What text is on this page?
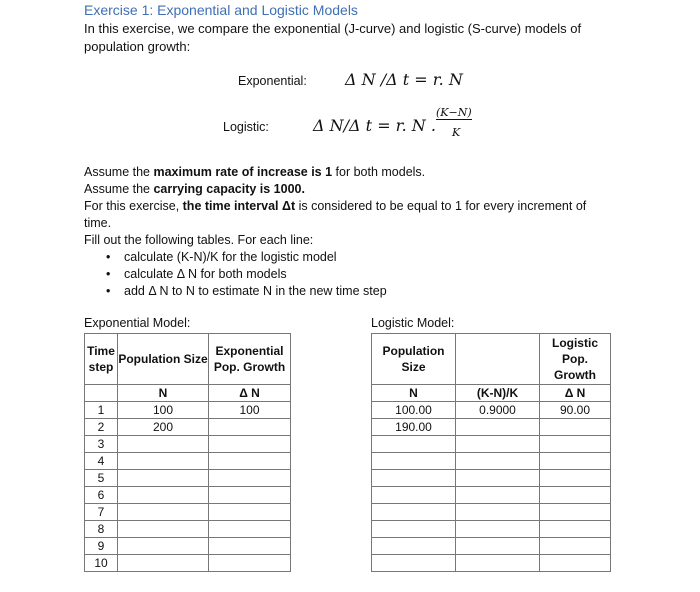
Exercise 1: Exponential and Logistic Models
In this exercise, we compare the exponential (J-curve) and logistic (S-curve) models of population growth:
Exponential: Δ N /Δ t = r. N
Logistic:	Δ N/Δ t = r. N .
(K−N)
K

Assume the maximum rate of increase is 1 for both models.

Assume the carrying capacity is 1000.

For this exercise, the time interval Δt is considered to be equal to 1 for every increment of time.

Fill out the following tables. For each line:

• calculate (K-N)/K for the logistic model
• calculate Δ N for both models
• add Δ N to N to estimate N in the new time step
Exponential Model:
Time step	Population Size	Exponential Pop. Growth
	N	Δ N
1	100	100
2	200	
3		
4		
5		
6		
7		
8		
9		
10		
Logistic Model:
Population Size		Logistic Pop. Growth
N	(K-N)/K	Δ N
100.00	0.9000	90.00
190.00		
